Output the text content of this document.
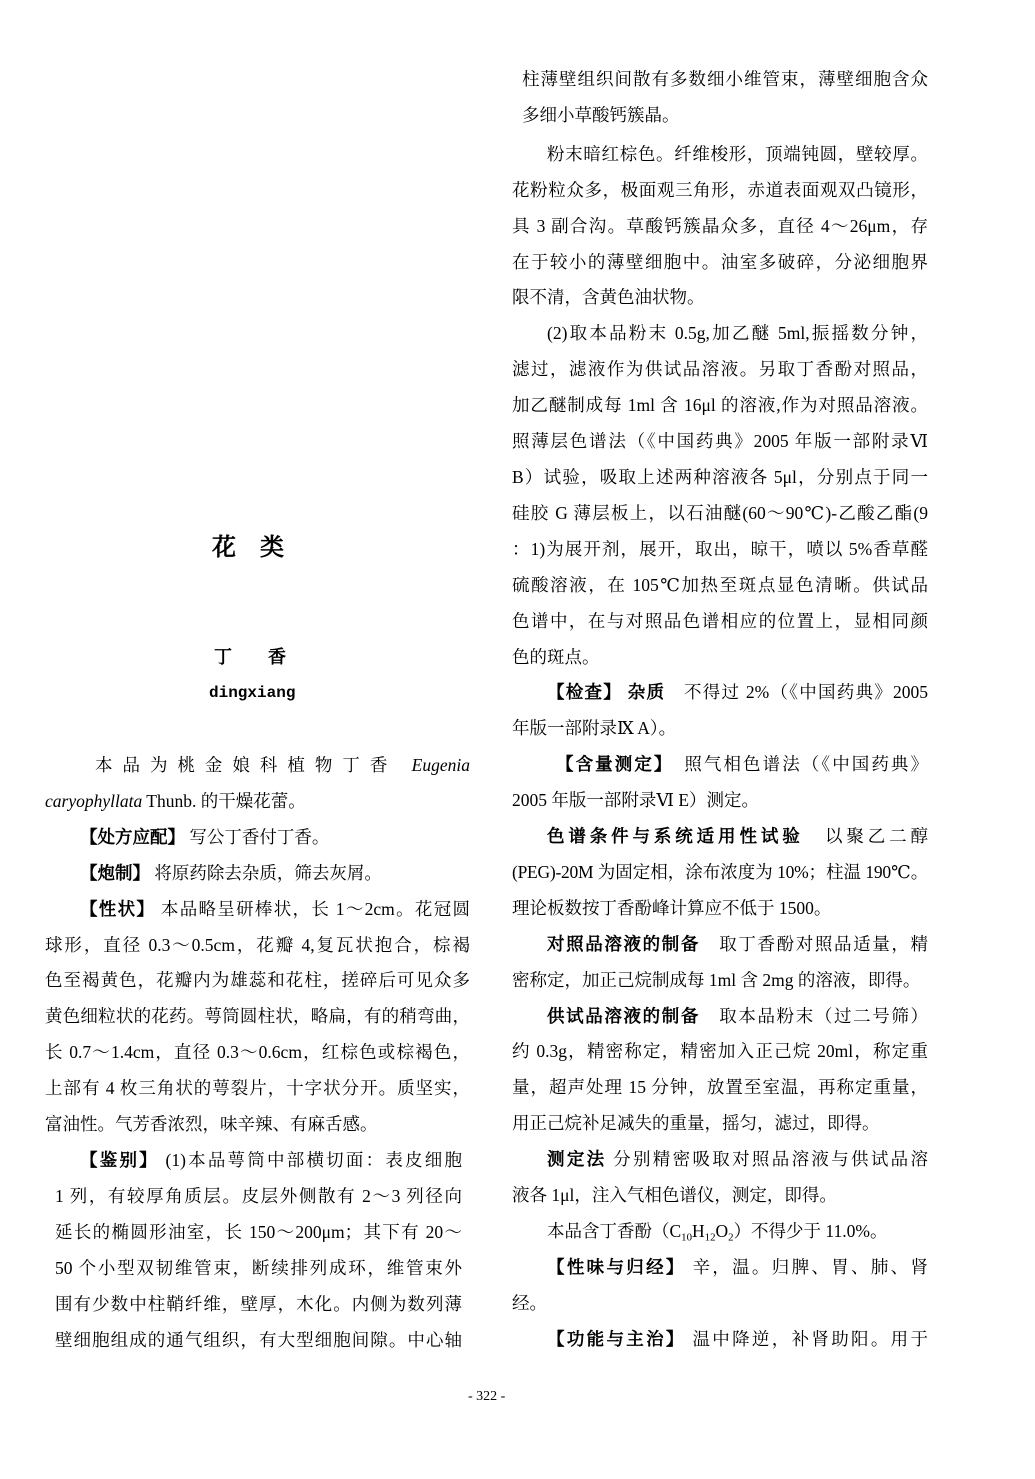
花　类
丁　　香
dingxiang
本品为桃金娘科植物丁香 Eugenia
caryophyllata Thunb. 的干燥花蕾。
【处方应配】 写公丁香付丁香。
【炮制】 将原药除去杂质，筛去灰屑。
【性状】 本品略呈研棒状，长 1～2cm。花冠圆
球形，直径 0.3～0.5cm，花瓣 4,复瓦状抱合，棕褐
色至褐黄色，花瓣内为雄蕊和花柱，搓碎后可见众多
黄色细粒状的花药。萼筒圆柱状，略扁，有的稍弯曲，
长 0.7～1.4cm，直径 0.3～0.6cm，红棕色或棕褐色，
上部有 4 枚三角状的萼裂片，十字状分开。质坚实，
富油性。气芳香浓烈，味辛辣、有麻舌感。
【鉴别】 (1)本品萼筒中部横切面：表皮细胞
1 列，有较厚角质层。皮层外侧散有 2～3 列径向
延长的椭圆形油室，长 150～200μm；其下有 20～
50 个小型双韧维管束，断续排列成环，维管束外
围有少数中柱鞘纤维，壁厚，木化。内侧为数列薄
壁细胞组成的通气组织，有大型细胞间隙。中心轴
柱薄壁组织间散有多数细小维管束，薄壁细胞含众
多细小草酸钙簇晶。
粉末暗红棕色。纤维梭形，顶端钝圆，壁较厚。
花粉粒众多，极面观三角形，赤道表面观双凸镜形，
具 3 副合沟。草酸钙簇晶众多，直径 4～26μm，存
在于较小的薄壁细胞中。油室多破碎，分泌细胞界
限不清，含黄色油状物。
(2)取本品粉末 0.5g,加乙醚 5ml,振摇数分钟，
滤过，滤液作为供试品溶液。另取丁香酚对照品，
加乙醚制成每 1ml 含 16μl 的溶液,作为对照品溶液。
照薄层色谱法（《中国药典》2005 年版一部附录Ⅵ
B）试验，吸取上述两种溶液各 5μl，分别点于同一
硅胶 G 薄层板上，以石油醚(60～90℃)-乙酸乙酯(9
：1)为展开剂，展开，取出，晾干，喷以 5%香草醛
硫酸溶液，在 105℃加热至斑点显色清晰。供试品
色谱中，在与对照品色谱相应的位置上，显相同颜
色的斑点。
【检查】 杂质　不得过 2%（《中国药典》2005
年版一部附录Ⅸ A）。
【含量测定】　照气相色谱法（《中国药典》
2005 年版一部附录Ⅵ E）测定。
色谱条件与系统适用性试验　以聚乙二醇
(PEG)-20M 为固定相，涂布浓度为 10%；柱温 190℃。
理论板数按丁香酚峰计算应不低于 1500。
对照品溶液的制备　取丁香酚对照品适量，精
密称定，加正己烷制成每 1ml 含 2mg 的溶液，即得。
供试品溶液的制备　取本品粉末（过二号筛）
约 0.3g，精密称定，精密加入正己烷 20ml，称定重
量，超声处理 15 分钟，放置至室温，再称定重量，
用正己烷补足减失的重量，摇匀，滤过，即得。
测定法 分别精密吸取对照品溶液与供试品溶
液各 1μl，注入气相色谱仪，测定，即得。
本品含丁香酚$(C_{10}H_{12}O_2)$不得少于 11.0%。
【性味与归经】 辛，温。归脾、胃、肺、肾
经。
【功能与主治】 温中降逆，补肾助阳。用于
- 322 -
